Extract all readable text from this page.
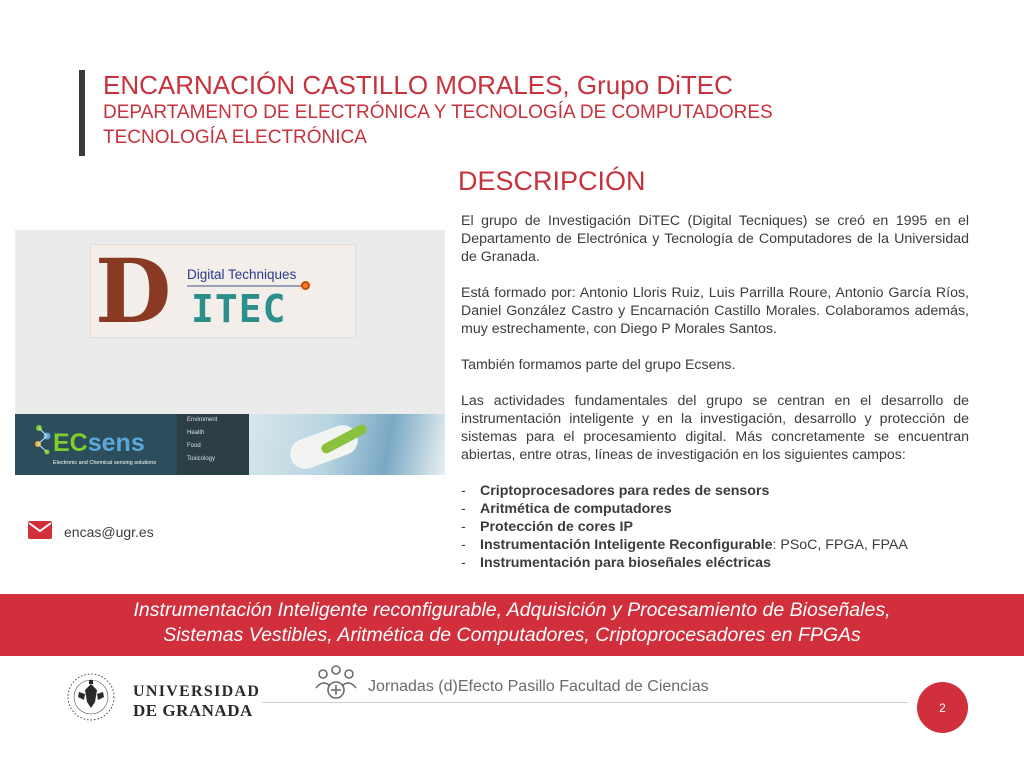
ENCARNACIÓN CASTILLO MORALES, Grupo DiTEC
DEPARTAMENTO DE ELECTRÓNICA Y TECNOLOGÍA DE COMPUTADORES
TECNOLOGÍA ELECTRÓNICA
DESCRIPCIÓN

El grupo de Investigación DiTEC (Digital Tecniques) se creó en 1995 en el Departamento de Electrónica y Tecnología de Computadores de la Universidad de Granada.

Está formado por: Antonio Lloris Ruiz, Luis Parrilla Roure, Antonio García Ríos, Daniel González Castro y Encarnación Castillo Morales. Colaboramos además, muy estrechamente, con Diego P Morales Santos.

También formamos parte del grupo Ecsens.

Las actividades fundamentales del grupo se centran en el desarrollo de instrumentación inteligente y en la investigación, desarrollo y protección de sistemas para el procesamiento digital. Más concretamente se encuentran abiertas, entre otras, líneas de investigación en los siguientes campos:

-	Criptoprocesadores para redes de sensors
-	Aritmética de computadores
-	Protección de cores IP
-	Instrumentación Inteligente Reconfigurable: PSoC, FPGA, FPAA
-	Instrumentación para bioseñales eléctricas
D Digital Techniques
ITEC
ECsens
Electronic and Chemical sensing solutions
Enviroment
Health
Food
Toxicology
encas@ugr.es
Instrumentación Inteligente reconfigurable, Adquisición y Procesamiento de Bioseñales,
Sistemas Vestibles, Aritmética de Computadores, Criptoprocesadores en FPGAs
UNIVERSIDAD
DE GRANADA
Jornadas (d)Efecto Pasillo Facultad de Ciencias
2
